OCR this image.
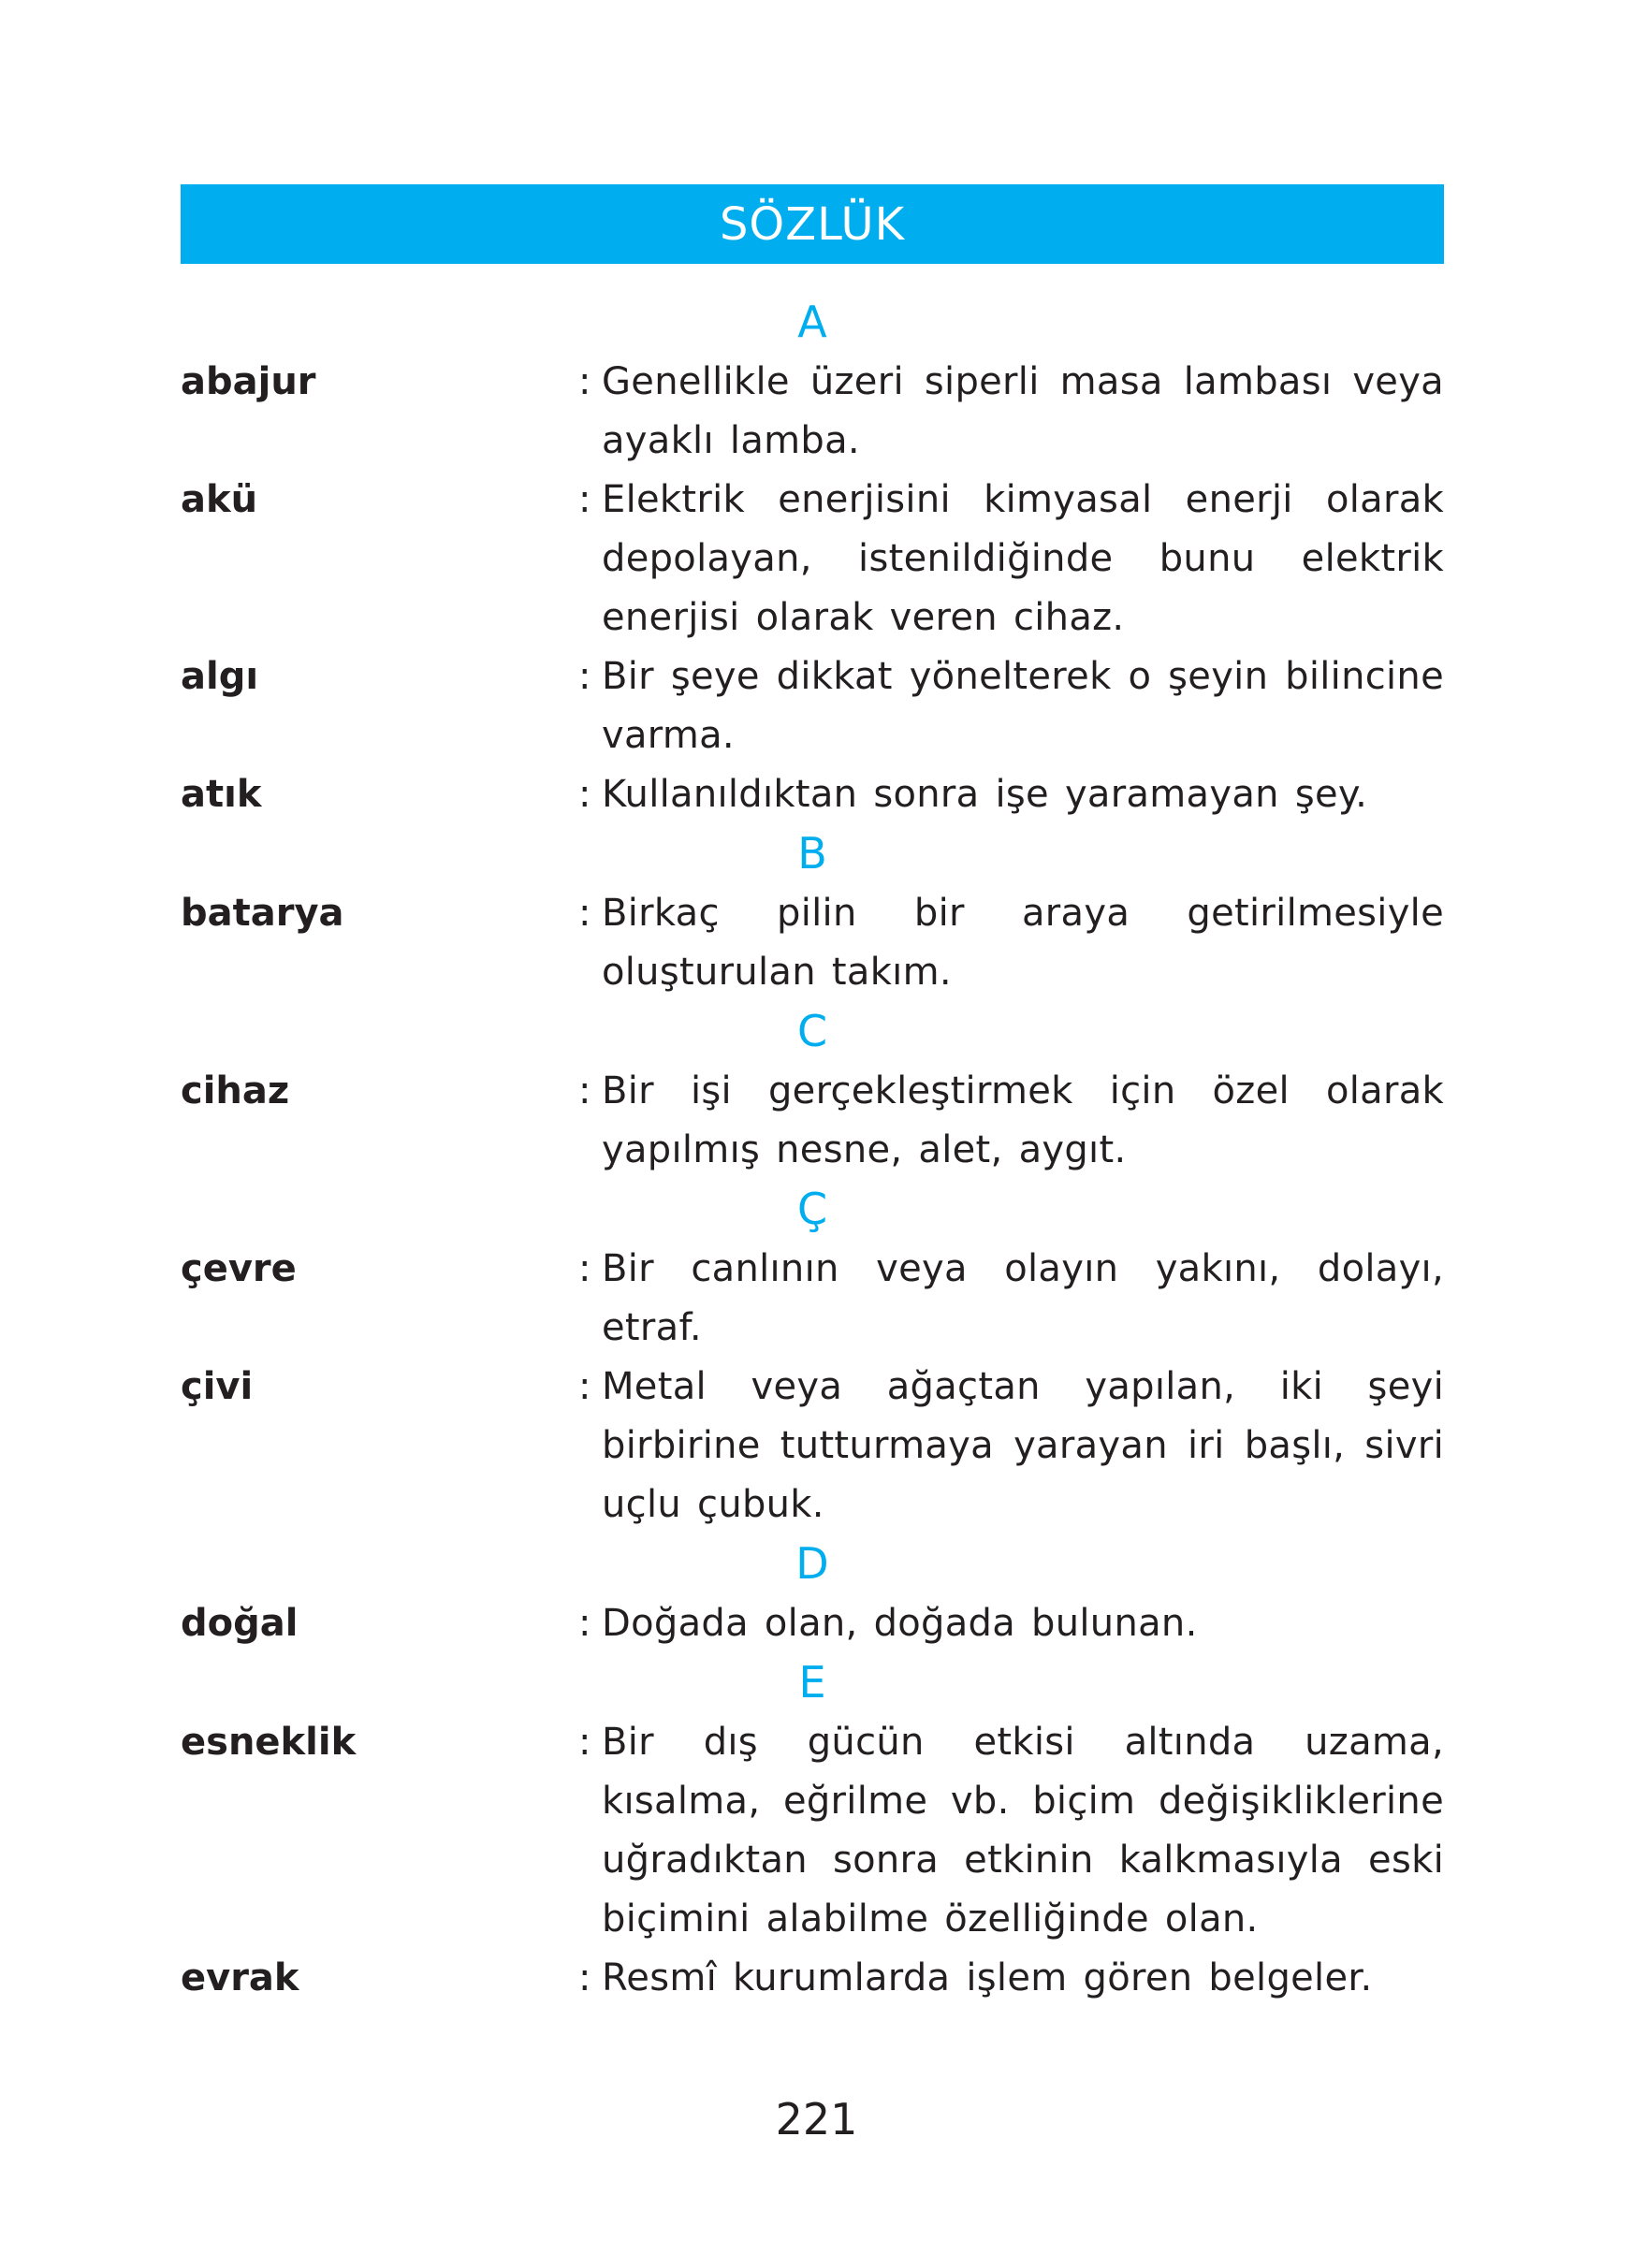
SÖZLÜK
A
abajur	: Genellikle üzeri siperli masa lambası veya ayaklı lamba.
akü	: Elektrik enerjisini kimyasal enerji olarak depolayan, istenildiğinde bunu elektrik enerjisi olarak veren cihaz.
algı	: Bir şeye dikkat yönelterek o şeyin bilincine varma.
atık	: Kullanıldıktan sonra işe yaramayan şey.
B
batarya	: Birkaç pilin bir araya getirilmesiyle oluşturulan takım.
C
cihaz	: Bir işi gerçekleştirmek için özel olarak yapılmış nesne, alet, aygıt.
Ç
çevre	: Bir canlının veya olayın yakını, dolayı, etraf.
çivi	: Metal veya ağaçtan yapılan, iki şeyi birbirine tutturmaya yarayan iri başlı, sivri uçlu çubuk.
D
doğal	: Doğada olan, doğada bulunan.
E
esneklik	: Bir dış gücün etkisi altında uzama, kısalma, eğrilme vb. biçim değişikliklerine uğradıktan sonra etkinin kalkmasıyla eski biçimini alabilme özelliğinde olan.
evrak	: Resmî kurumlarda işlem gören belgeler.
221
